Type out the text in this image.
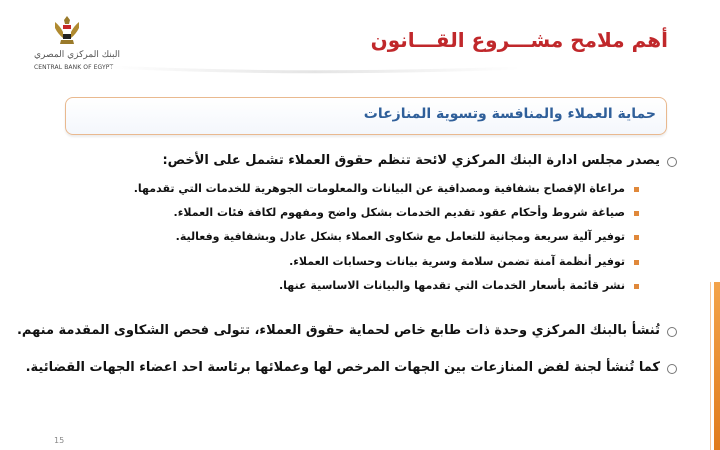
البنك المركزي المصري
CENTRAL BANK OF EGYPT
أهم ملامح مشـــروع القـــانون
حماية العملاء والمنافسة وتسوية المنازعات
يصدر مجلس ادارة البنك المركزي لائحة تنظم حقوق العملاء تشمل على الأخص:
مراعاة الإفصاح بشفافية ومصداقية عن البيانات والمعلومات الجوهرية للخدمات التي تقدمها.
صياغة شروط وأحكام عقود تقديم الخدمات بشكل واضح ومفهوم لكافة فئات العملاء.
توفير آلية سريعة ومجانية للتعامل مع شكاوى العملاء بشكل عادل وبشفافية وفعالية.
توفير أنظمة آمنة تضمن سلامة وسرية بيانات وحسابات العملاء.
نشر قائمة بأسعار الخدمات التي تقدمها والبيانات الاساسية عنها.
تُنشأ بالبنك المركزي وحدة ذات طابع خاص لحماية حقوق العملاء، تتولى فحص الشكاوى المقدمة منهم.
كما تُنشأ لجنة لفض المنازعات بين الجهات المرخص لها وعملائها برئاسة احد اعضاء الجهات القضائية.
15
